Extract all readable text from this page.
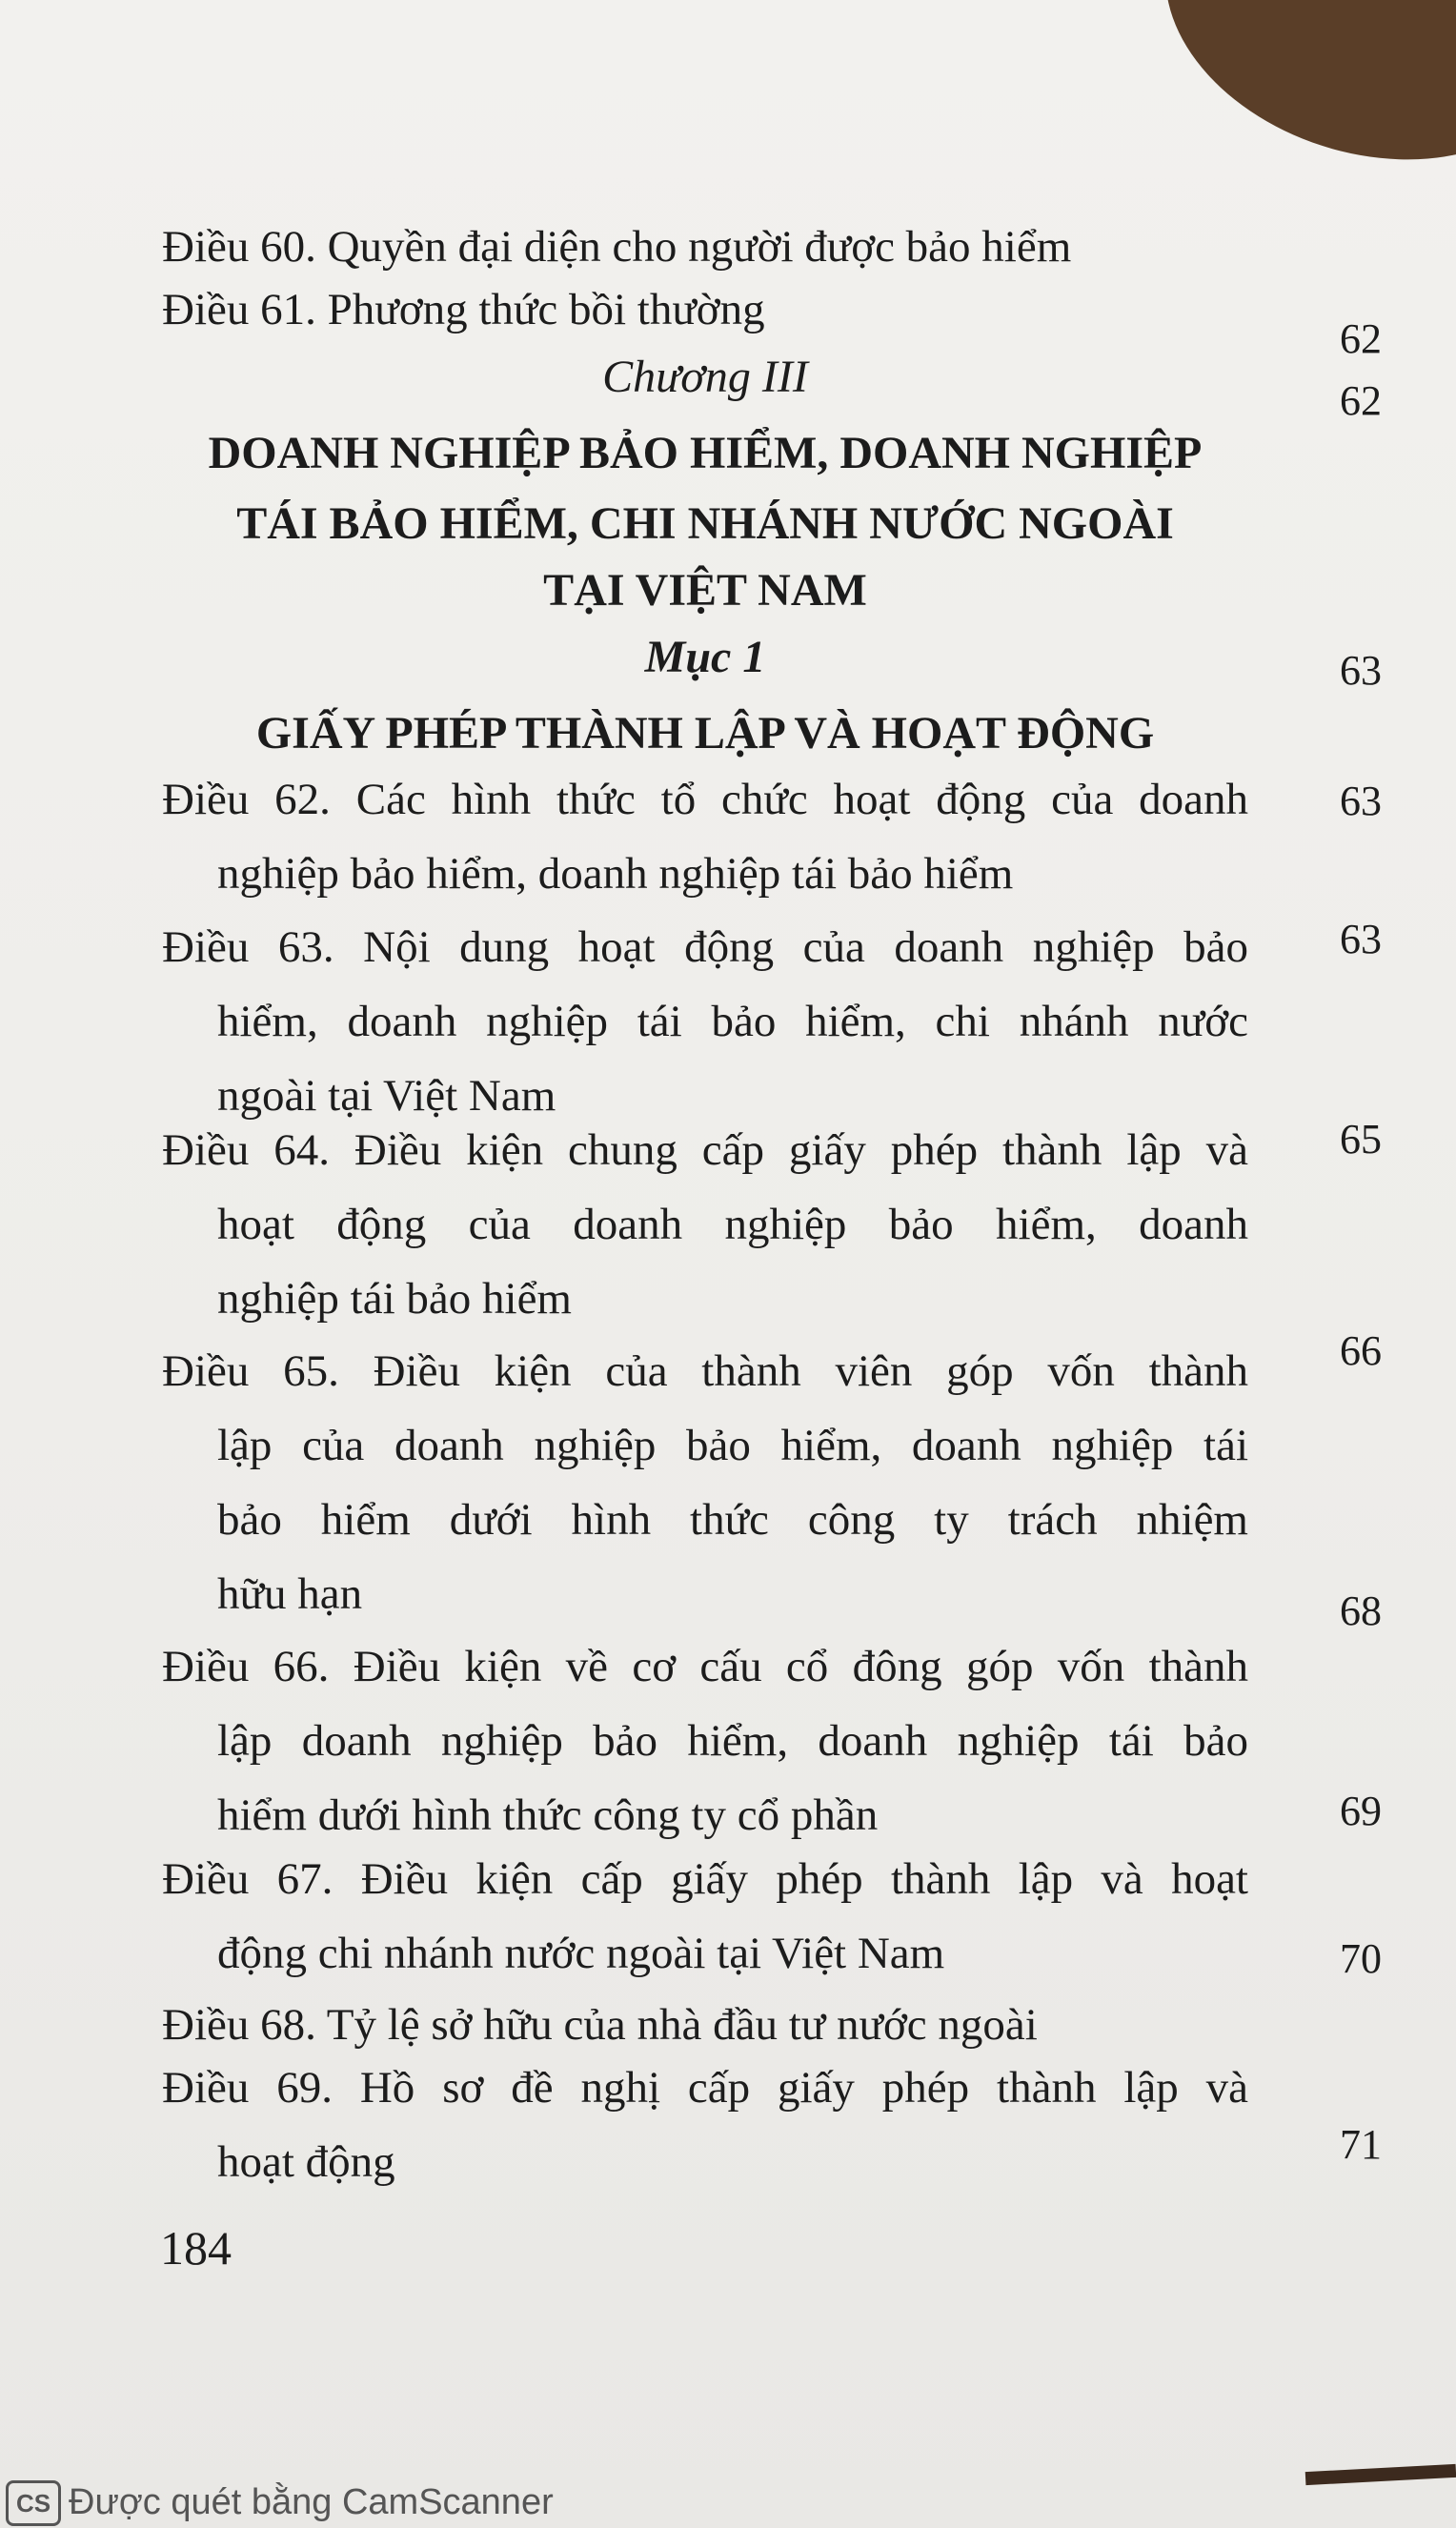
Điều 60. Quyền đại diện cho người được bảo hiểm
Điều 61. Phương thức bồi thường
62
62
Chương III
DOANH NGHIỆP BẢO HIỂM, DOANH NGHIỆP
TÁI BẢO HIỂM, CHI NHÁNH NƯỚC NGOÀI
TẠI VIỆT NAM
Mục 1	63
GIẤY PHÉP THÀNH LẬP VÀ HOẠT ĐỘNG
Điều 62. Các hình thức tổ chức hoạt động của doanh
nghiệp bảo hiểm, doanh nghiệp tái bảo hiểm
63
Điều 63. Nội dung hoạt động của doanh nghiệp bảo
hiểm, doanh nghiệp tái bảo hiểm, chi nhánh nước
ngoài tại Việt Nam
63
Điều 64. Điều kiện chung cấp giấy phép thành lập và
hoạt động của doanh nghiệp bảo hiểm, doanh
nghiệp tái bảo hiểm
65
Điều 65. Điều kiện của thành viên góp vốn thành
lập của doanh nghiệp bảo hiểm, doanh nghiệp tái
bảo hiểm dưới hình thức công ty trách nhiệm
hữu hạn
66
Điều 66. Điều kiện về cơ cấu cổ đông góp vốn thành
lập doanh nghiệp bảo hiểm, doanh nghiệp tái bảo
hiểm dưới hình thức công ty cổ phần
68
Điều 67. Điều kiện cấp giấy phép thành lập và hoạt
động chi nhánh nước ngoài tại Việt Nam
69
Điều 68. Tỷ lệ sở hữu của nhà đầu tư nước ngoài
70
Điều 69. Hồ sơ đề nghị cấp giấy phép thành lập và
hoạt động	71
184
CS Được quét bằng CamScanner
